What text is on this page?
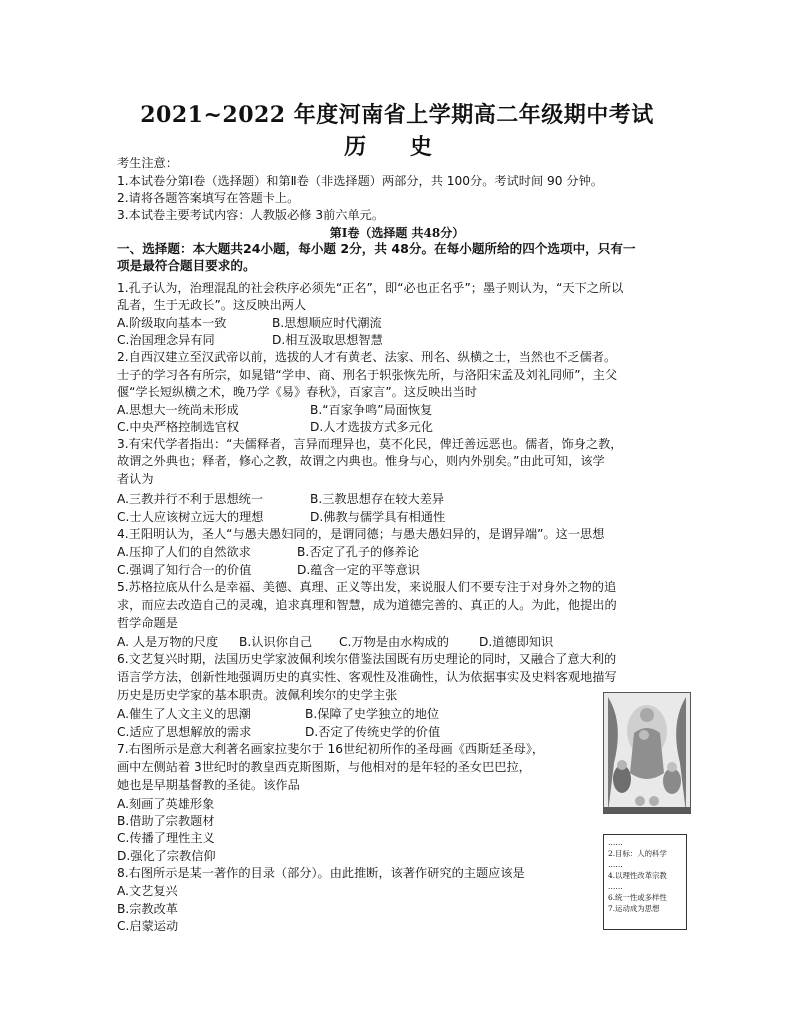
2021~2022 年度河南省上学期高二年级期中考试
历 史
考生注意：
1.本试卷分第Ⅰ卷（选择题）和第Ⅱ卷（非选择题）两部分，共 100分。考试时间 90 分钟。
2.请将各题答案填写在答题卡上。
3.本试卷主要考试内容：人教版必修 3前六单元。
第Ⅰ卷（选择题 共48分）
一、选择题：本大题共24小题，每小题 2分，共 48分。在每小题所给的四个选项中，只有一
项是最符合题目要求的。
1.孔子认为，治理混乱的社会秩序必须先“正名”，即“必也正名乎”；墨子则认为，“天下之所以
乱者，生于无政长”。这反映出两人
A.阶级取向基本一致	B.思想顺应时代潮流
C.治国理念异有同	D.相互汲取思想智慧
2.自西汉建立至汉武帝以前，选拔的人才有黄老、法家、刑名、纵横之士，当然也不乏儒者。
士子的学习各有所宗，如晁错“学申、商、刑名于轵张恢先所，与洛阳宋孟及刘礼同师”，主父
偃“学长短纵横之术，晚乃学《易》春秋》，百家言”。这反映出当时
A.思想大一统尚未形成	B.“百家争鸣”局面恢复
C.中央严格控制选官权	D.人才选拔方式多元化
3.有宋代学者指出：“夫儒释者，言异而理异也，莫不化民，俾迁善远恶也。儒者，饰身之教，
故谓之外典也；释者，修心之教，故谓之内典也。惟身与心，则内外别矣。”由此可知，该学
者认为
A.三教并行不利于思想统一	B.三教思想存在较大差异
C.士人应该树立远大的理想	D.佛教与儒学具有相通性
4.王阳明认为，圣人“与愚夫愚妇同的，是谓同德；与愚夫愚妇异的，是谓异端”。这一思想
A.压抑了人们的自然欲求	B.否定了孔子的修养论
C.强调了知行合一的价值	D.蕴含一定的平等意识
5.苏格拉底从什么是幸福、美德、真理、正义等出发，来说服人们不要专注于对身外之物的追
求，而应去改造自己的灵魂，追求真理和智慧，成为道德完善的、真正的人。为此，他提出的
哲学命题是
A. 人是万物的尺度 B.认识你自己 C.万物是由水构成的 D.道德即知识
6.文艺复兴时期，法国历史学家波佩利埃尔借鉴法国既有历史理论的同时，又融合了意大利的
语言学方法，创新性地强调历史的真实性、客观性及准确性，认为依据事实及史料客观地描写
历史是历史学家的基本职责。波佩利埃尔的史学主张
A.催生了人文主义的思潮	B.保障了史学独立的地位
C.适应了思想解放的需求	D.否定了传统史学的价值
7.右图所示是意大利著名画家拉斐尔于 16世纪初所作的圣母画《西斯廷圣母》，
画中左侧站着 3世纪时的教皇西克斯图斯，与他相对的是年轻的圣女巴巴拉，
她也是早期基督教的圣徒。该作品
A.刻画了英雄形象
B.借助了宗教题材
C.传播了理性主义
D.强化了宗教信仰
8.右图所示是某一著作的目录（部分）。由此推断，该著作研究的主题应该是
A.文艺复兴
B.宗教改革
C.启蒙运动
……
2.目标：人的科学
……
4.以理性改革宗教
……
6.统一性或多样性
7.运动成为思想
